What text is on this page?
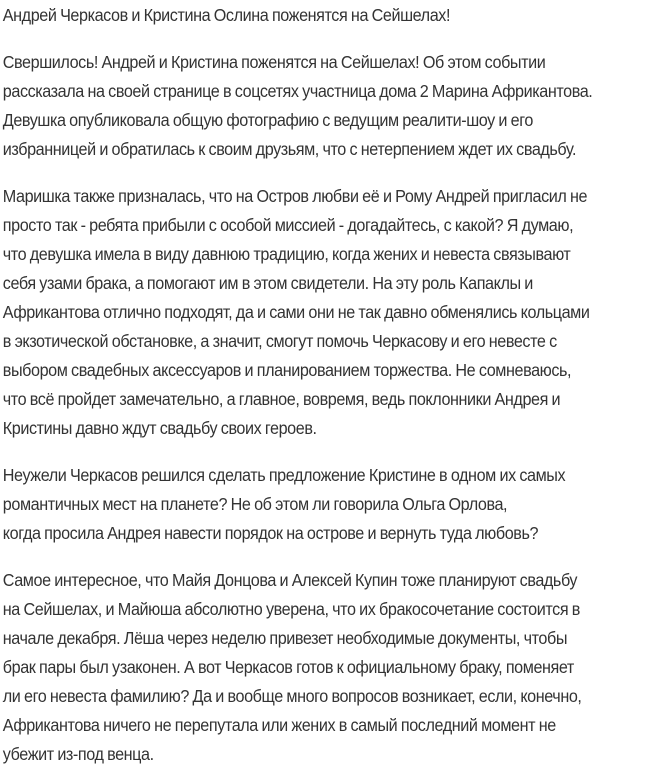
Андрей Черкасов и Кристина Ослина поженятся на Сейшелах!

Свершилось! Андрей и Кристина поженятся на Сейшелах! Об этом событии
рассказала на своей странице в соцсетях участница дома 2 Марина Африкантова.
Девушка опубликовала общую фотографию с ведущим реалити-шоу и его
избранницей и обратилась к своим друзьям, что с нетерпением ждет их свадьбу.

Маришка также призналась, что на Остров любви её и Рому Андрей пригласил не
просто так - ребята прибыли с особой миссией - догадайтесь, с какой? Я думаю,
что девушка имела в виду давнюю традицию, когда жених и невеста связывают
себя узами брака, а помогают им в этом свидетели. На эту роль Капаклы и
Африкантова отлично подходят, да и сами они не так давно обменялись кольцами
в экзотической обстановке, а значит, смогут помочь Черкасову и его невесте с
выбором свадебных аксессуаров и планированием торжества. Не сомневаюсь,
что всё пройдет замечательно, а главное, вовремя, ведь поклонники Андрея и
Кристины давно ждут свадьбу своих героев.

Неужели Черкасов решился сделать предложение Кристине в одном их самых
романтичных мест на планете? Не об этом ли говорила Ольга Орлова,
когда просила Андрея навести порядок на острове и вернуть туда любовь?

Самое интересное, что Майя Донцова и Алексей Купин тоже планируют свадьбу
на Сейшелах, и Майюша абсолютно уверена, что их бракосочетание состоится в
начале декабря. Лёша через неделю привезет необходимые документы, чтобы
брак пары был узаконен. А вот Черкасов готов к официальному браку, поменяет
ли его невеста фамилию? Да и вообще много вопросов возникает, если, конечно,
Африкантова ничего не перепутала или жених в самый последний момент не
убежит из-под венца.
